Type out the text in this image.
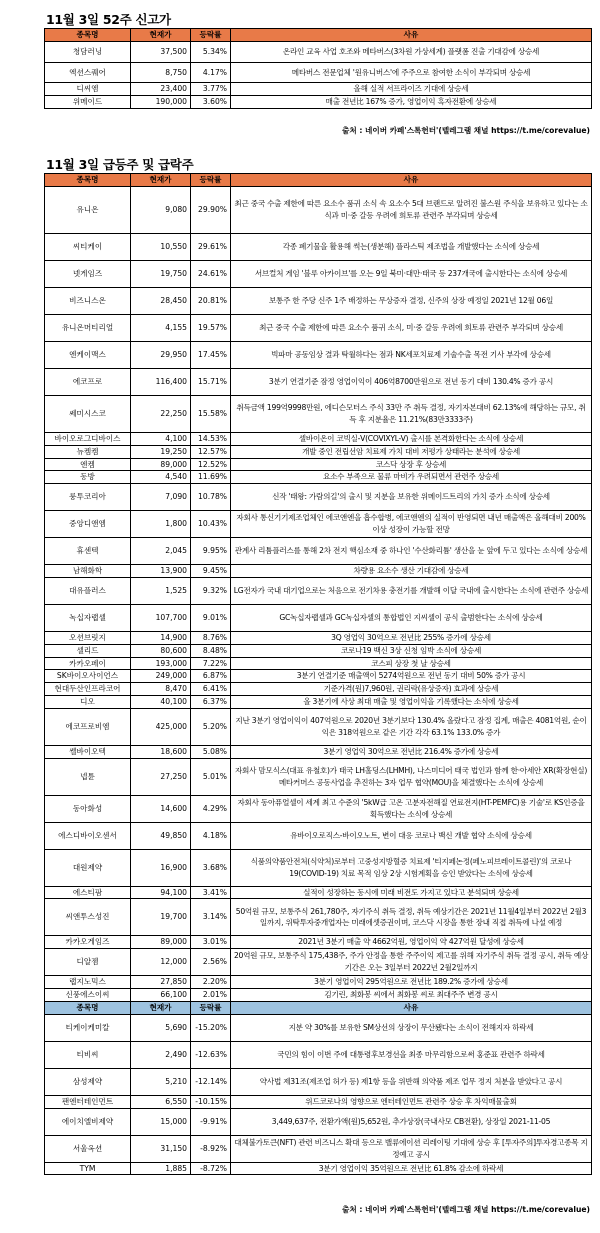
11월 3일 52주 신고가
종목명	현재가	등락률	사유
청담러닝	37,500	5.34%	온라인 교육 사업 호조와 메타버스(3차원 가상세계) 플랫폼 진출 기대감에 상승세
엑션스퀘어	8,750	4.17%	메타버스 전문업체 '원유니버스'에 주주으로 참여한 소식이 부각되며 상승세
디씨엠	23,400	3.77%	올해 실적 서프라이즈 기대에 상승세
위메이드	190,000	3.60%	매출 전년比 167% 증가, 영업이익 흑자전환에 상승세
출처 : 네이버 카페'스톡헌터'(텔레그램 채널 https://t.me/corevalue)
11월 3일 급등주 및 급락주
종목명	현재가	등락률	사유
유니온	9,080	29.90%	최근 중국 수출 제한에 따른 요소수 품귀 소식 속 요소수 5대 브랜드로 알려진 불스원 주식을 보유하고 있다는 소식과 미·중 갈등 우려에 희토류 관련주 부각되며 상승세
씨티케이	10,550	29.61%	각종 폐기물을 활용해 썩는(생분해) 플라스틱 제조법을 개발했다는 소식에 상승세
넷게임즈	19,750	24.61%	서브컬처 게임 '블루 아카이브'를 오는 9일 북미·대만·태국 등 237개국에 출시한다는 소식에 상승세
비즈니스온	28,450	20.81%	보통주 한 주당 신주 1주 배정하는 무상증자 결정, 신주의 상장 예정일 2021년 12월 06일
유니온머티리얼	4,155	19.57%	최근 중국 수출 제한에 따른 요소수 품귀 소식, 미·중 갈등 우려에 희토류 관련주 부각되며 상승세
엔케이맥스	29,950	17.45%	빅파마 공동임상 결과 탁월하다는 점과 NK세포치료제 기술수출 목전 기사 부각에 상승세
에코프로	116,400	15.71%	3분기 연결기준 잠정 영업이익이 406억8700만원으로 전년 동기 대비 130.4% 증가 공시
쎄미시스코	22,250	15.58%	취득금액 199억9998만원, 에디슨모터스 주식 33만 주 취득 결정, 자기자본대비 62.13%에 해당하는 규모, 취득 후 지분율은 11.21%(83만3333주)
바이오로그디바이스	4,100	14.53%	셀바이온이 코빅실-V(COVIXYL-V) 출시를 본격화한다는 소식에 상승세
뉴켐켐	19,250	12.57%	개발 중인 전립선암 치료제 가치 대비 저평가 상태라는 분석에 상승세
엔켐	89,000	12.52%	코스닥 상장 후 상승세
동방	4,540	11.69%	요소수 부족으로 물류 마비가 우려되면서 관련주 상승세
룽투코리아	7,090	10.78%	신작 '태왕: 가람의길'의 출시 및 지분을 보유한 위메이드트리의 가치 증가 소식에 상승세
중앙디앤엠	1,800	10.43%	자회사 통신기기제조업체인 에코앤엔을 흡수합병, 에코앤엔의 실적이 반영되면 내년 매출액은 올해대비 200% 이상 성장이 가능할 전망
휴센텍	2,045	9.95%	관계사 리튬플러스를 통해 2차 전지 핵심소재 중 하나인 '수산화리튬' 생산을 눈 앞에 두고 있다는 소식에 상승세
남해화학	13,900	9.45%	차량용 요소수 생산 기대감에 상승세
대유플러스	1,525	9.32%	LG전자가 국내 대기업으로는 처음으로 전기차용 충전기를 개발해 이달 국내에 출시한다는 소식에 관련주 상승세
녹십자랩셀	107,700	9.01%	GC녹십자랩셀과 GC녹십자셀의 통합법인 지씨셀이 공식 출범한다는 소식에 상승세
오션브릿지	14,900	8.76%	3Q 영업익 30억으로 전년比 255% 증가에 상승세
셀리드	80,600	8.48%	코로나19 백신 3상 신청 임박 소식에 상승세
카카오페이	193,000	7.22%	코스피 상장 첫 날 상승세
SK바이오사이언스	249,000	6.87%	3분기 연결기준 매출액이 5274억원으로 전년 동기 대비 50% 증가 공시
현대두산인프라코어	8,470	6.41%	기준가격(원)7,960원, 권리락(유상증자) 효과에 상승세
디오	40,100	6.37%	올 3분기에 사상 최대 매출 및 영업이익을 기록했다는 소식에 상승세
에코프로비엠	425,000	5.20%	지난 3분기 영업이익이 407억원으로 2020년 3분기보다 130.4% 올랐다고 잠정 집계, 매출은 4081억원, 순이익은 318억원으로 같은 기간 각각 63.1% 133.0% 증가
쎌바이오텍	18,600	5.08%	3분기 영업익 30억으로 전년比 216.4% 증가에 상승세
넵튠	27,250	5.01%	자회사 맘모식스(대표 유철호)가 태국 LH홀딩스(LHMH), 나스미디어 태국 법인과 함께 한·아세안 XR(확장현실) 메타커머스 공동사업을 추진하는 3자 업무 협약(MOU)을 체결했다는 소식에 상승세
동아화성	14,600	4.29%	자회사 동아퓨얼셀이 세계 최고 수준의 '5kW급 고온 고분자전해질 연료전지(HT-PEMFC)용 기술'로 KS인증을 획득했다는 소식에 상승세
에스디바이오센서	49,850	4.18%	유바이오로직스-바이오노트, 변이 대응 코로나 백신 개발 협약 소식에 상승세
대원제약	16,900	3.68%	식품의약품안전처(식약처)로부터 고중성지방혈증 치료제 '티지페논정(페노피브레이트콜린)'의 코로나19(COVID-19) 치료 목적 임상 2상 시험계획을 승인 받았다는 소식에 상승세
에스티팜	94,100	3.41%	실적이 성장하는 동시에 미래 비전도 가지고 있다고 분석되며 상승세
씨앤투스성진	19,700	3.14%	50억원 규모, 보통주식 261,780주, 자기주식 취득 결정, 취득 예상기간은 2021년 11월4일부터 2022년 2월3일까지, 위탁투자중개업자는 미래에셋증권이며, 코스닥 시장을 통한 장내 직접 취득에 나설 예정
카카오게임즈	89,000	3.01%	2021년 3분기 매출 약 4662억원, 영업이익 약 427억원 달성에 상승세
디알젬	12,000	2.56%	20억원 규모, 보통주식 175,438주, 주가 안정을 통한 주주이익 제고를 위해 자기주식 취득 결정 공시, 취득 예상기간은 오는 3일부터 2022년 2월2일까지
랩지노믹스	27,850	2.20%	3분기 영업이익 295억원으로 전년比 189.2% 증가에 상승세
신풍에스이씨	66,100	2.01%	김기린, 최화봉 씨에서 최화봉 씨로 최대주주 변경 공시
종목명	현재가	등락률	사유
티케이케미칼	5,690	-15.20%	지분 약 30%를 보유한 SM상선의 상장이 무산됐다는 소식이 전해지자 하락세
티비씨	2,490	-12.63%	국민의 힘이 이번 주에 대통령후보경선을 최종 마무리함으로써 홍준표 관련주 하락세
삼성제약	5,210	-12.14%	약사법 제31조(제조업 허가 등) 제1항 등을 위반해 의약품 제조 업무 정지 처분을 받았다고 공시
팬엔터테인먼트	6,550	-10.15%	위드코로나의 영향으로 엔터테인먼트 관련주 상승 후 차익매물출회
에이치엘비제약	15,000	-9.91%	3,449,637주, 전환가액(원)5,652원, 추가상장(국내사모 CB전환), 상장일 2021-11-05
서울옥션	31,150	-8.92%	대체불가토큰(NFT) 관련 비즈니스 확대 등으로 밸류에이션 리레이팅 기대에 상승 후 [투자주의]투자경고종목 지정예고 공시
TYM	1,885	-8.72%	3분기 영업이익 35억원으로 전년比 61.8% 감소에 하락세
출처 : 네이버 카페'스톡헌터'(텔레그램 채널 https://t.me/corevalue)
